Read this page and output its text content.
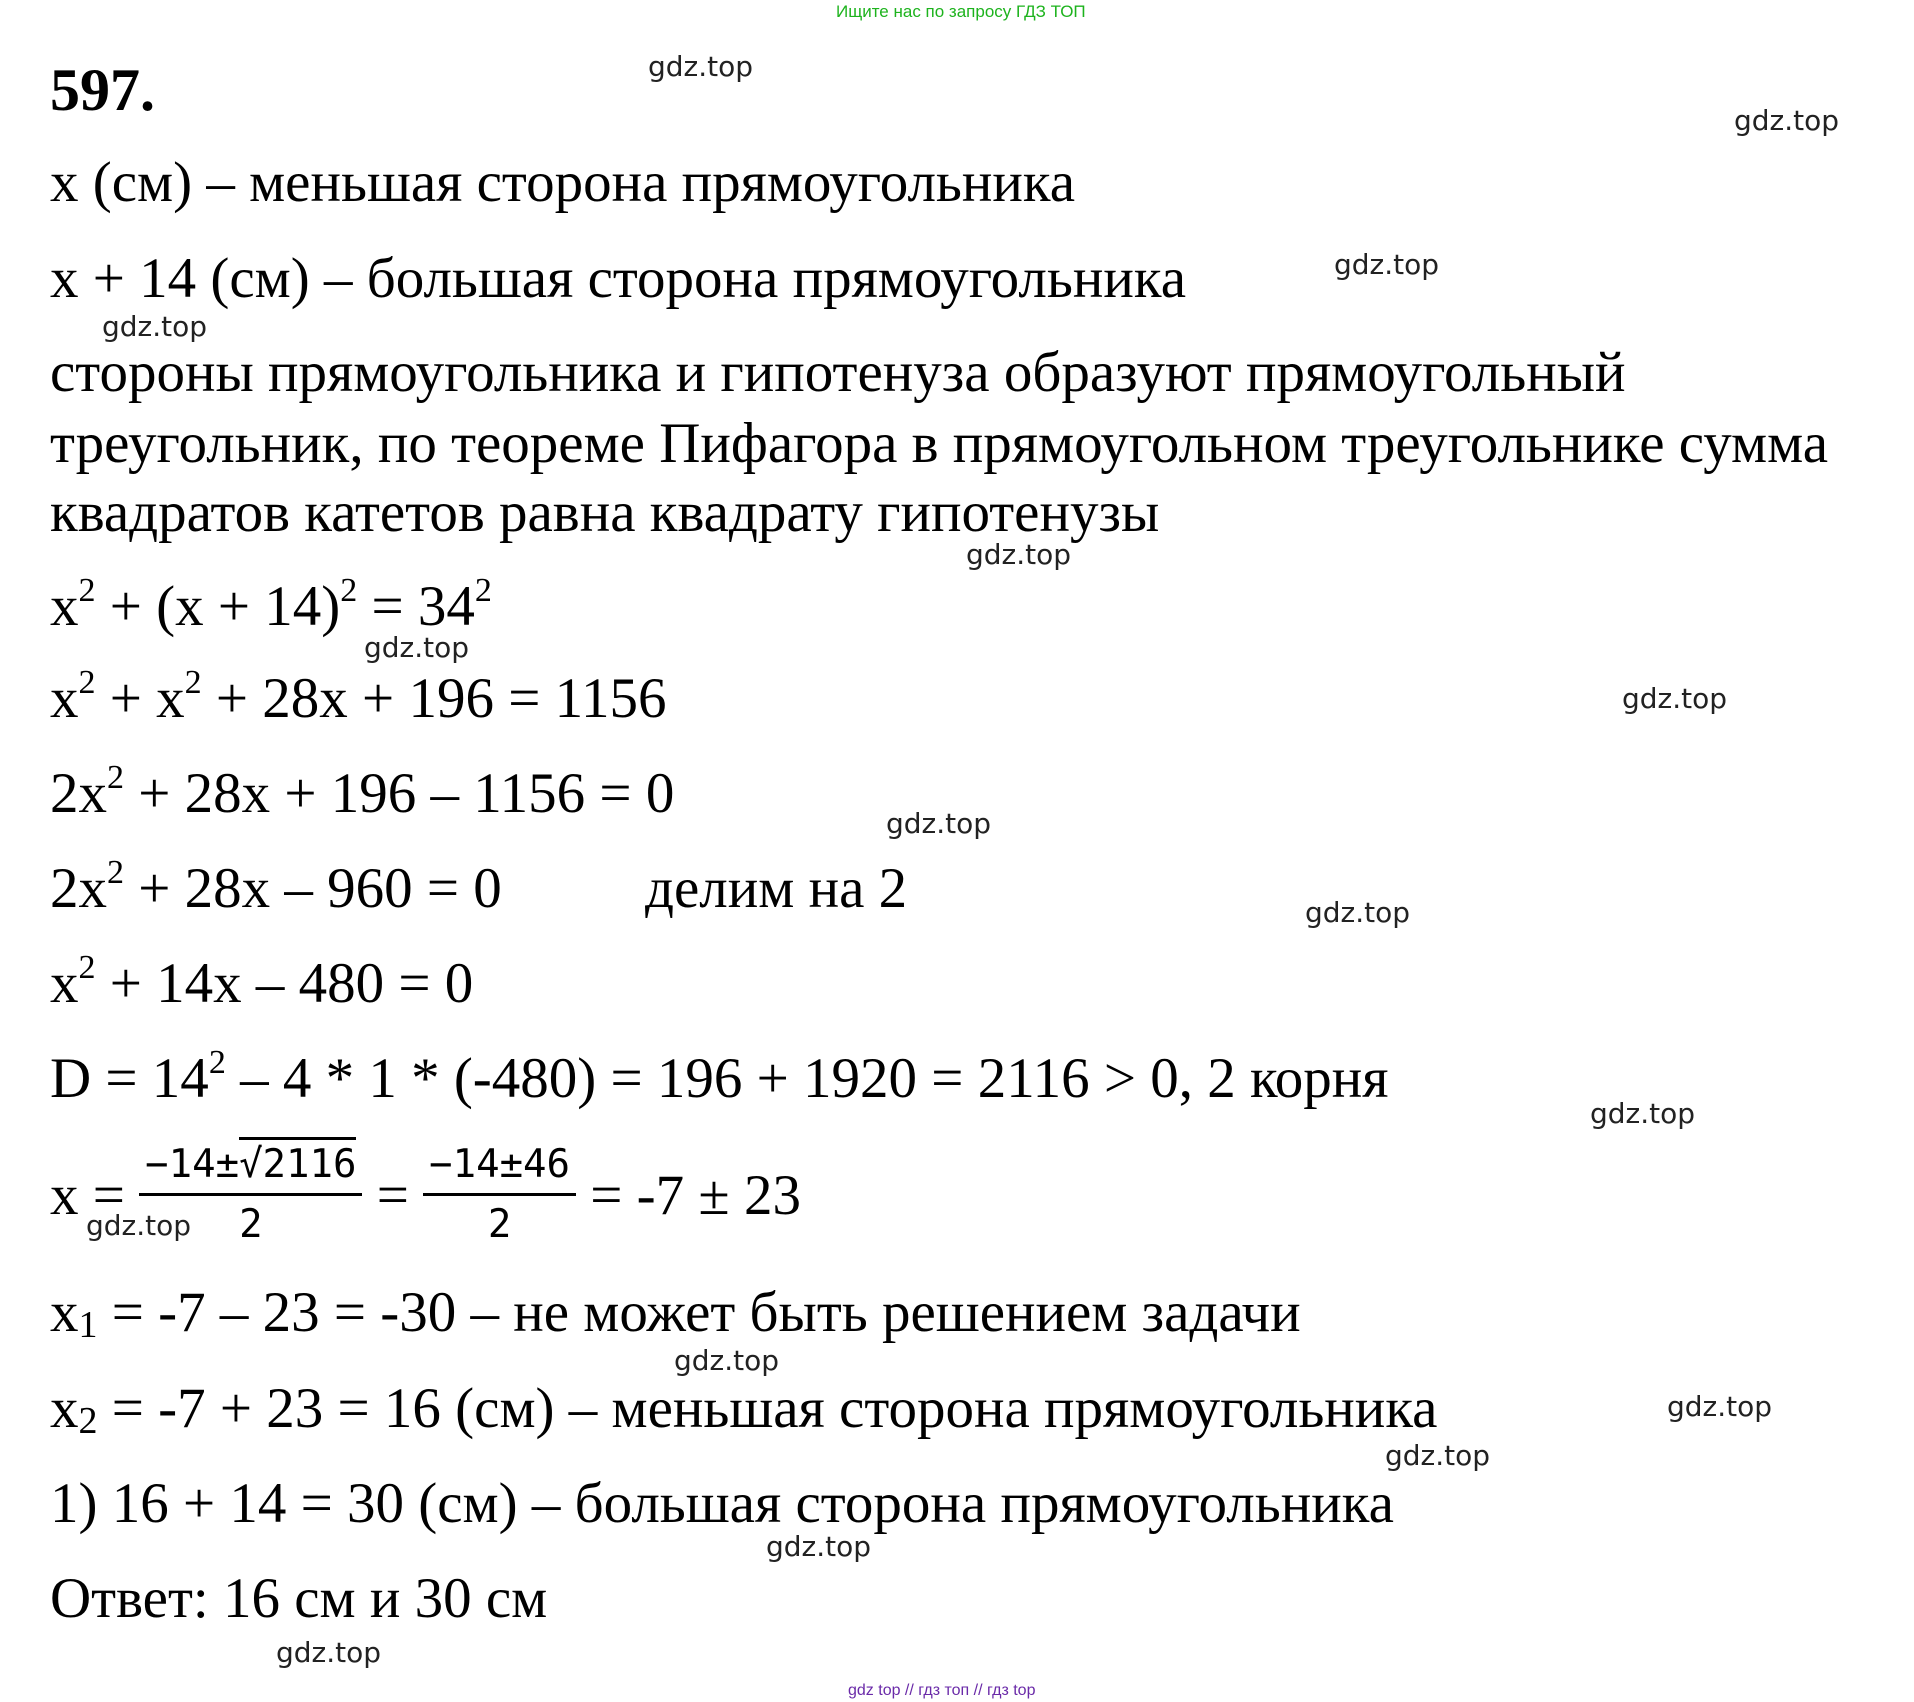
Ищите нас по запросу ГДЗ ТОП
597.
x (см) – меньшая сторона прямоугольника
x + 14 (см) – большая сторона прямоугольника
стороны прямоугольника и гипотенуза образуют прямоугольный
треугольник, по теореме Пифагора в прямоугольном треугольнике сумма
квадратов катетов равна квадрату гипотенузы
$x^2 + (x + 14)^2 = 34^2$
$x^2 + x^2 + 28x + 196 = 1156$
$2x^2 + 28x + 196 - 1156 = 0$
$2x^2 + 28x - 960 = 0$	делим на 2
$x^2 + 14x - 480 = 0$
$D = 14^2 - 4 * 1 * (-480) = 196 + 1920 = 2116 > 0$, 2 корня
$x = \frac{-14\pm√2116}{2} = \frac{-14\pm 46}{2} = -7 \pm 23$
$x_1 = -7 - 23 = -30$ – не может быть решением задачи
$x_2 = -7 + 23 = 16$ (см) – меньшая сторона прямоугольника
1) 16 + 14 = 30 (см) – большая сторона прямоугольника
Ответ: 16 см и 30 см
gdz.top
gdz.top
gdz.top
gdz.top
gdz.top
gdz.top
gdz.top
gdz.top
gdz.top
gdz.top
gdz.top
gdz.top
gdz.top
gdz.top
gdz.top
gdz.top
gdz top // гдз топ // гдз top
